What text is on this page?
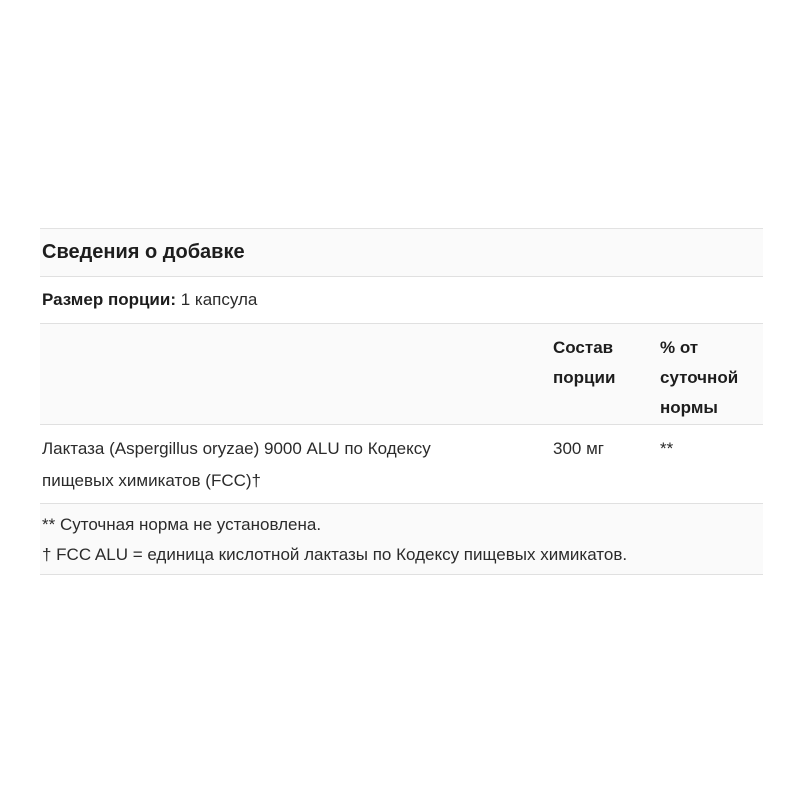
Сведения о добавке
Размер порции: 1 капсула
Состав порции
% от суточной нормы
Лактаза (Aspergillus oryzae) 9000 ALU по Кодексу пищевых химикатов (FCC)†
300 мг	**
** Суточная норма не установлена.
† FCC ALU = единица кислотной лактазы по Кодексу пищевых химикатов.
